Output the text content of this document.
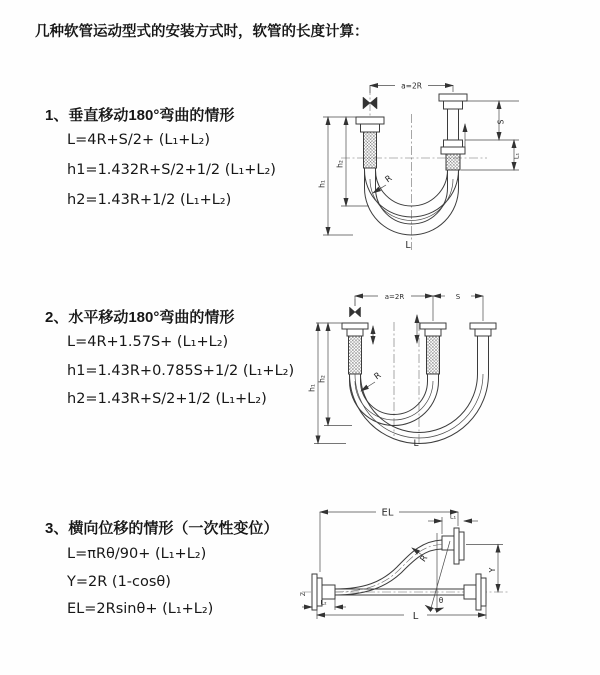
几种软管运动型式的安装方式时，软管的长度计算：
1、垂直移动180°弯曲的情形
L=4R+S/2+ (L₁+L₂)
h1=1.432R+S/2+1/2 (L₁+L₂)
h2=1.43R+1/2 (L₁+L₂)
2、水平移动180°弯曲的情形
L=4R+1.57S+ (L₁+L₂)
h1=1.43R+0.785S+1/2 (L₁+L₂)
h2=1.43R+S/2+1/2 (L₁+L₂)
3、横向位移的情形（一次性变位）
L=πRθ/90+ (L₁+L₂)
Y=2R (1-cosθ)
EL=2Rsinθ+ (L₁+L₂)
a=2R
h₁
h₂
S
L₁
R
L
a=2R	S
h₁
h₂	R
L
Z
EL	L₁
Y
θ
R
L
L₂
